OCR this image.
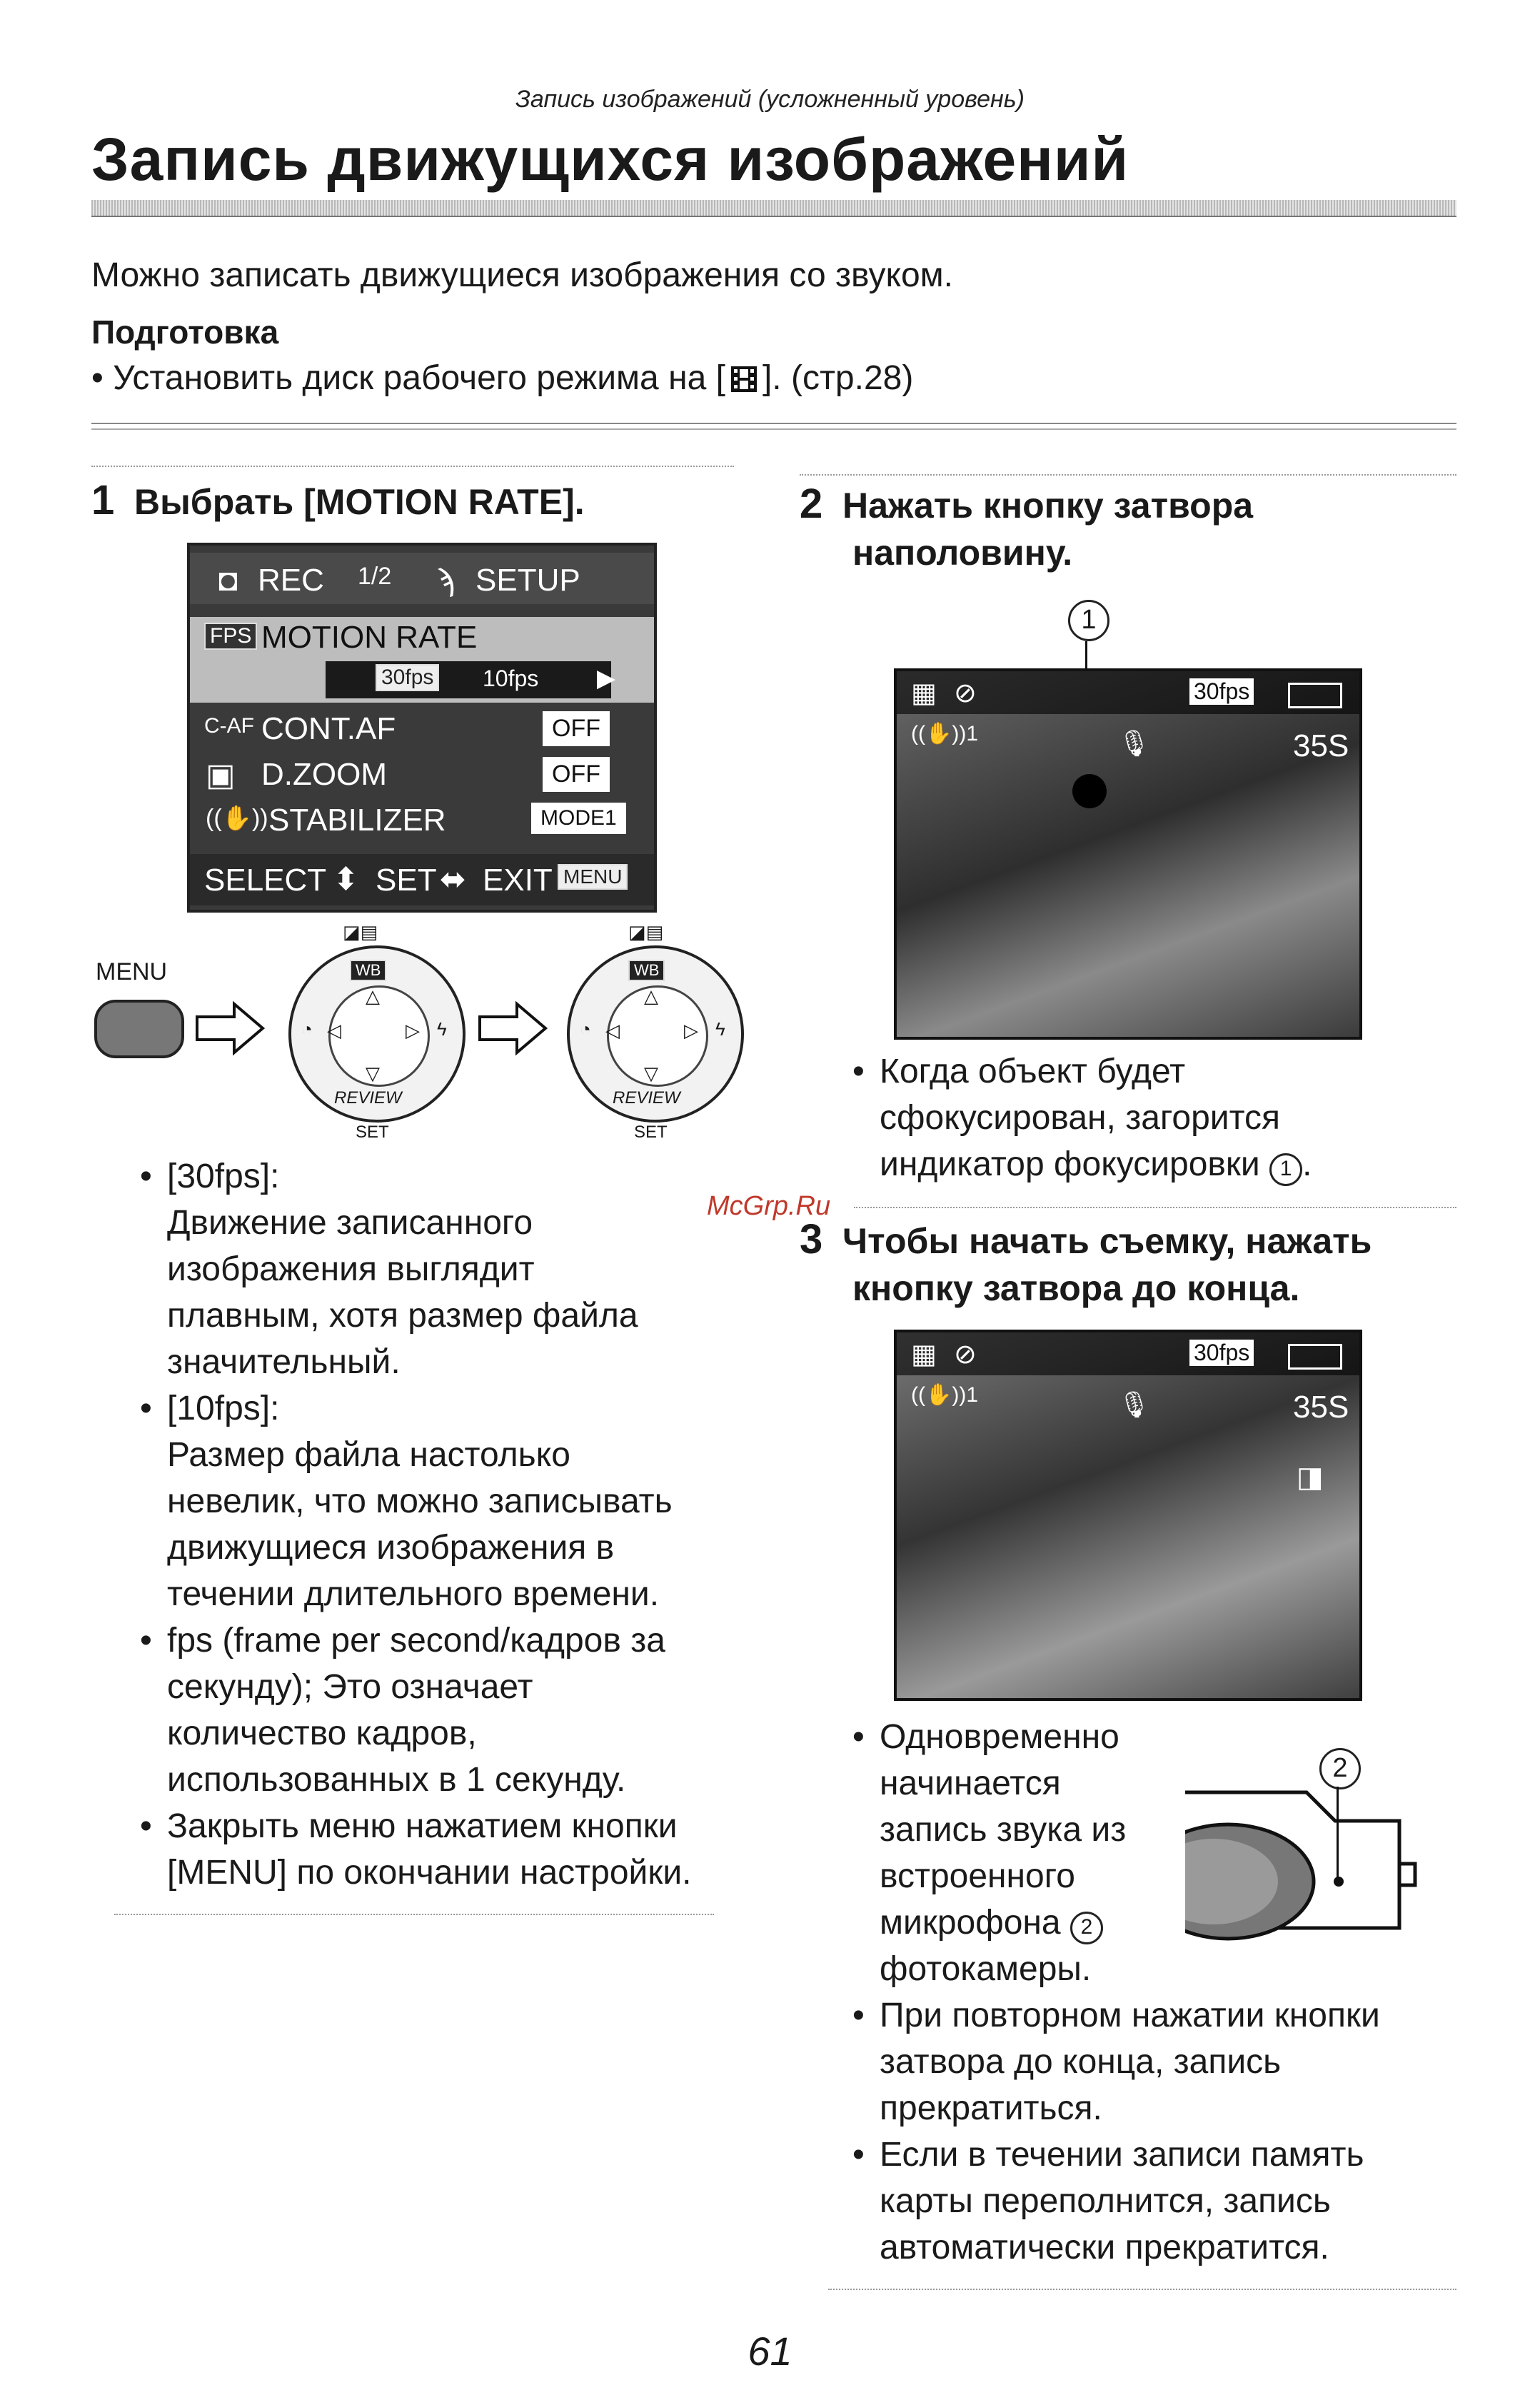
Запись изображений (усложненный уровень)
Запись движущихся изображений
Можно записать движущиеся изображения со звуком.
Подготовка
• Установить диск рабочего режима на [ ]. (стр.28)
1 Выбрать [MOTION RATE].
◘ REC 1/2 ϡ SETUP
FPS MOTION RATE
30fps 10fps ▶
C-AF CONT.AF	OFF
▣ D.ZOOM	OFF
((✋)) STABILIZER	MODE1
SELECT ⬍ SET ⬌ EXIT MENU
MENU
◪▤
WB
△
▽
◁	▷
◔	ϟ
REVIEW
SET
◪▤
WB
△
▽
◁	▷
◔	ϟ
REVIEW
SET
• [30fps]:
Движение записанного
изображения выглядит
плавным, хотя размер файла
значительный.
• [10fps]:
Размер файла настолько
невелик, что можно записывать
движущиеся изображения в
течении длительного времени.
• fps (frame per second/кадров за
секунду); Это означает
количество кадров,
использованных в 1 секунду.
• Закрыть меню нажатием кнопки
[MENU] по окончании настройки.
2 Нажать кнопку затвора
наполовину.
1
▦ ⊘
((✋))1
30fps
35S
🎙
• Когда объект будет
сфокусирован, загорится
индикатор фокусировки 1 .
McGrp.Ru
3 Чтобы начать съемку, нажать
кнопку затвора до конца.
▦ ⊘
((✋))1
30fps
35S
🎙
◨
2
• Одновременно
начинается
запись звука из
встроенного
микрофона 2
фотокамеры.
• При повторном нажатии кнопки
затвора до конца, запись
прекратиться.
• Если в течении записи память
карты переполнится, запись
автоматически прекратится.
61
